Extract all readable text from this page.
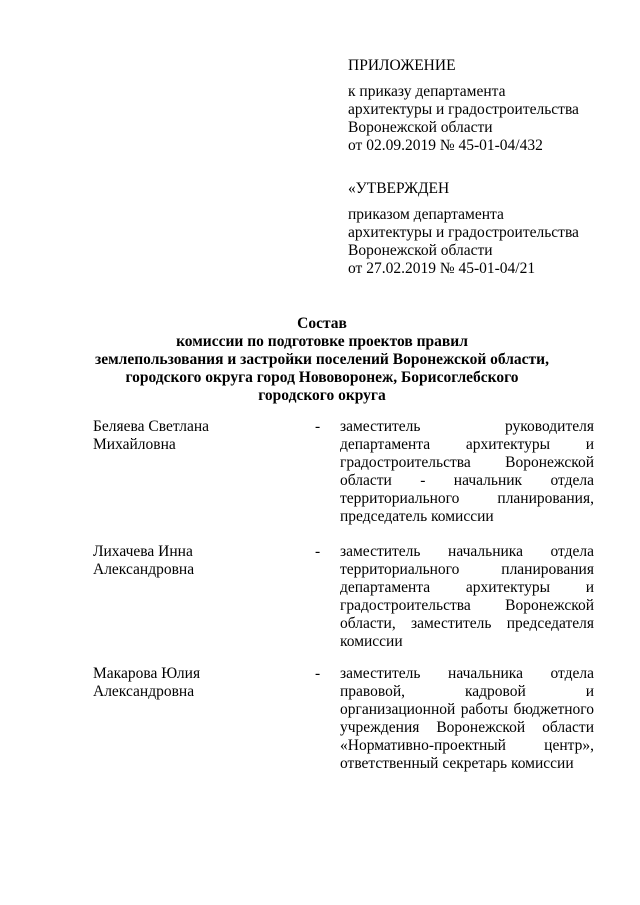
ПРИЛОЖЕНИЕ
к приказу департамента
архитектуры и градостроительства
Воронежской области
от 02.09.2019 № 45-01-04/432
«УТВЕРЖДЕН
приказом департамента
архитектуры и градостроительства
Воронежской области
от 27.02.2019 № 45-01-04/21
Состав
комиссии по подготовке проектов правил
землепользования и застройки поселений Воронежской области,
городского округа город Нововоронеж, Борисоглебского
городского округа
Беляева Светлана
Михайловна
- заместитель руководителя
департамента архитектуры и
градостроительства Воронежской
области - начальник отдела
территориального планирования,
председатель комиссии
Лихачева Инна
Александровна
- заместитель начальника отдела
территориального планирования
департамента архитектуры и
градостроительства Воронежской
области, заместитель председателя
комиссии
Макарова Юлия
Александровна
- заместитель начальника отдела
правовой, кадровой и
организационной работы бюджетного
учреждения Воронежской области
«Нормативно-проектный центр»,
ответственный секретарь комиссии
